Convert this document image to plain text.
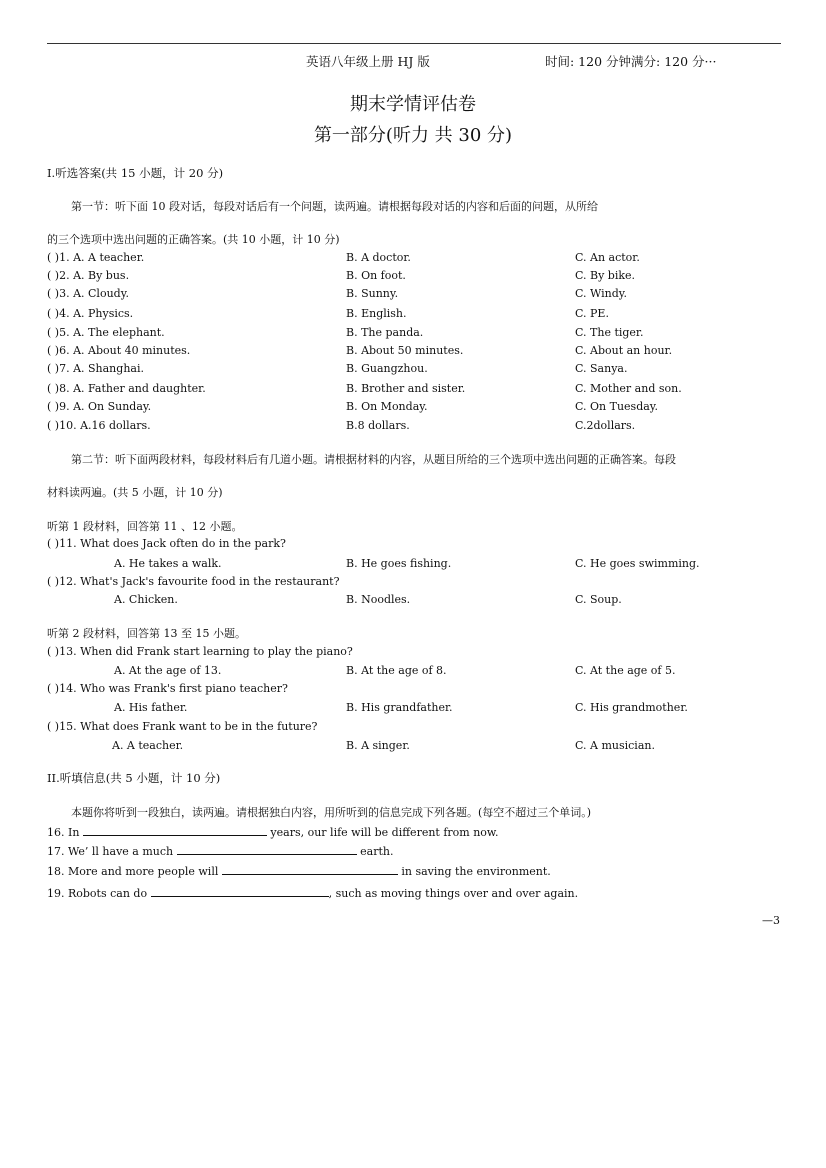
英语八年级上册 HJ 版	时间: 120 分钟满分: 120 分···
期末学情评估卷
第一部分(听力 共 30 分)
I.听选答案(共 15 小题，计 20 分)
第一节：听下面 10 段对话，每段对话后有一个问题，读两遍。请根据每段对话的内容和后面的问题，从所给
的三个选项中选出问题的正确答案。(共 10 小题，计 10 分)
( )1. A. A teacher.	B. A doctor.	C. An actor.
( )2. A. By bus.	B. On foot.	C. By bike.
( )3. A. Cloudy.	B. Sunny.	C. Windy.
( )4. A. Physics.	B. English.	C. PE.
( )5. A. The elephant.	B. The panda.	C. The tiger.
( )6. A. About 40 minutes.	B. About 50 minutes.	C. About an hour.
( )7. A. Shanghai.	B. Guangzhou.	C. Sanya.
( )8. A. Father and daughter.	B. Brother and sister.	C. Mother and son.
( )9. A. On Sunday.	B. On Monday.	C. On Tuesday.
( )10. A.16 dollars.	B.8 dollars.	C.2dollars.
第二节：听下面两段材料，每段材料后有几道小题。请根据材料的内容，从题目所给的三个选项中选出问题的正确答案。每段
材料读两遍。(共 5 小题，计 10 分)
听第 1 段材料，回答第 11 、12 小题。
( )11. What does Jack often do in the park?
A. He takes a walk.	B. He goes fishing.	C. He goes swimming.
( )12. What's Jack's favourite food in the restaurant?
A. Chicken.	B. Noodles.	C. Soup.
听第 2 段材料，回答第 13 至 15 小题。
( )13. When did Frank start learning to play the piano?
A. At the age of 13.	B. At the age of 8.	C. At the age of 5.
( )14. Who was Frank's first piano teacher?
A. His father.	B. His grandfather.	C. His grandmother.
( )15. What does Frank want to be in the future?
A. A teacher.	B. A singer.	C. A musician.
II.听填信息(共 5 小题，计 10 分)
本题你将听到一段独白，读两遍。请根据独白内容，用所听到的信息完成下列各题。(每空不超过三个单词。)
16. In	years, our life will be different from now.
17. We’ ll have a much	earth.
18. More and more people will	in saving the environment.
19. Robots can do	, such as moving things over and over again.
—3
